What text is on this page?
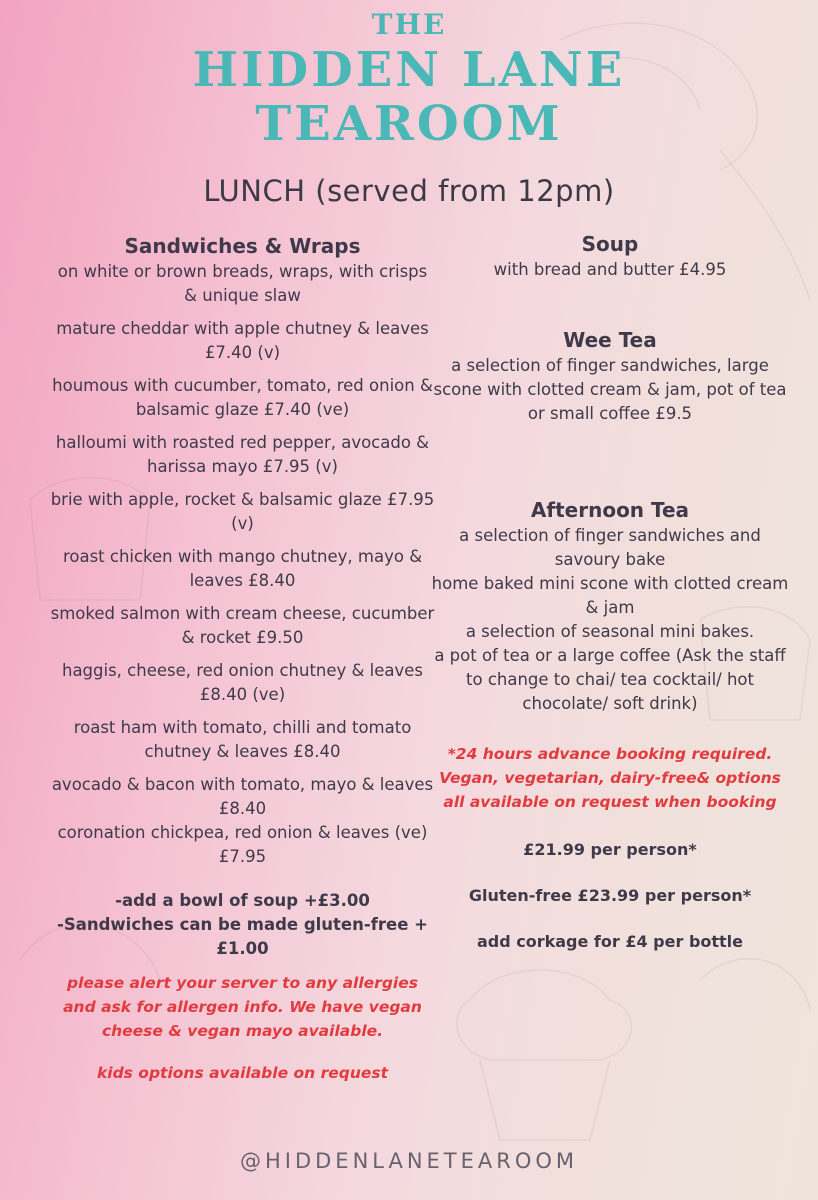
THE
HIDDEN LANE
TEAROOM
LUNCH (served from 12pm)
Sandwiches & Wraps
on white or brown breads, wraps, with crisps & unique slaw
mature cheddar with apple chutney & leaves £7.40 (v)
houmous with cucumber, tomato, red onion & balsamic glaze £7.40 (ve)
halloumi with roasted red pepper, avocado & harissa mayo £7.95 (v)
brie with apple, rocket & balsamic glaze £7.95 (v)
roast chicken with mango chutney, mayo & leaves £8.40
smoked salmon with cream cheese, cucumber & rocket £9.50
haggis, cheese, red onion chutney & leaves £8.40 (ve)
roast ham with tomato, chilli and tomato chutney & leaves £8.40
avocado & bacon with tomato, mayo & leaves £8.40
coronation chickpea, red onion & leaves (ve) £7.95
-add a bowl of soup +£3.00
-Sandwiches can be made gluten-free +£1.00
please alert your server to any allergies and ask for allergen info. We have vegan cheese & vegan mayo available.
kids options available on request
Soup
with bread and butter £4.95
Wee Tea
a selection of finger sandwiches, large scone with clotted cream & jam, pot of tea or small coffee £9.5
Afternoon Tea
a selection of finger sandwiches and savoury bake
home baked mini scone with clotted cream & jam
a selection of seasonal mini bakes.
a pot of tea or a large coffee (Ask the staff to change to chai/ tea cocktail/ hot chocolate/ soft drink)
*24 hours advance booking required. Vegan, vegetarian, dairy-free& options all available on request when booking
£21.99 per person*
Gluten-free £23.99 per person*
add corkage for £4 per bottle
@HIDDENLANETEAROOM
